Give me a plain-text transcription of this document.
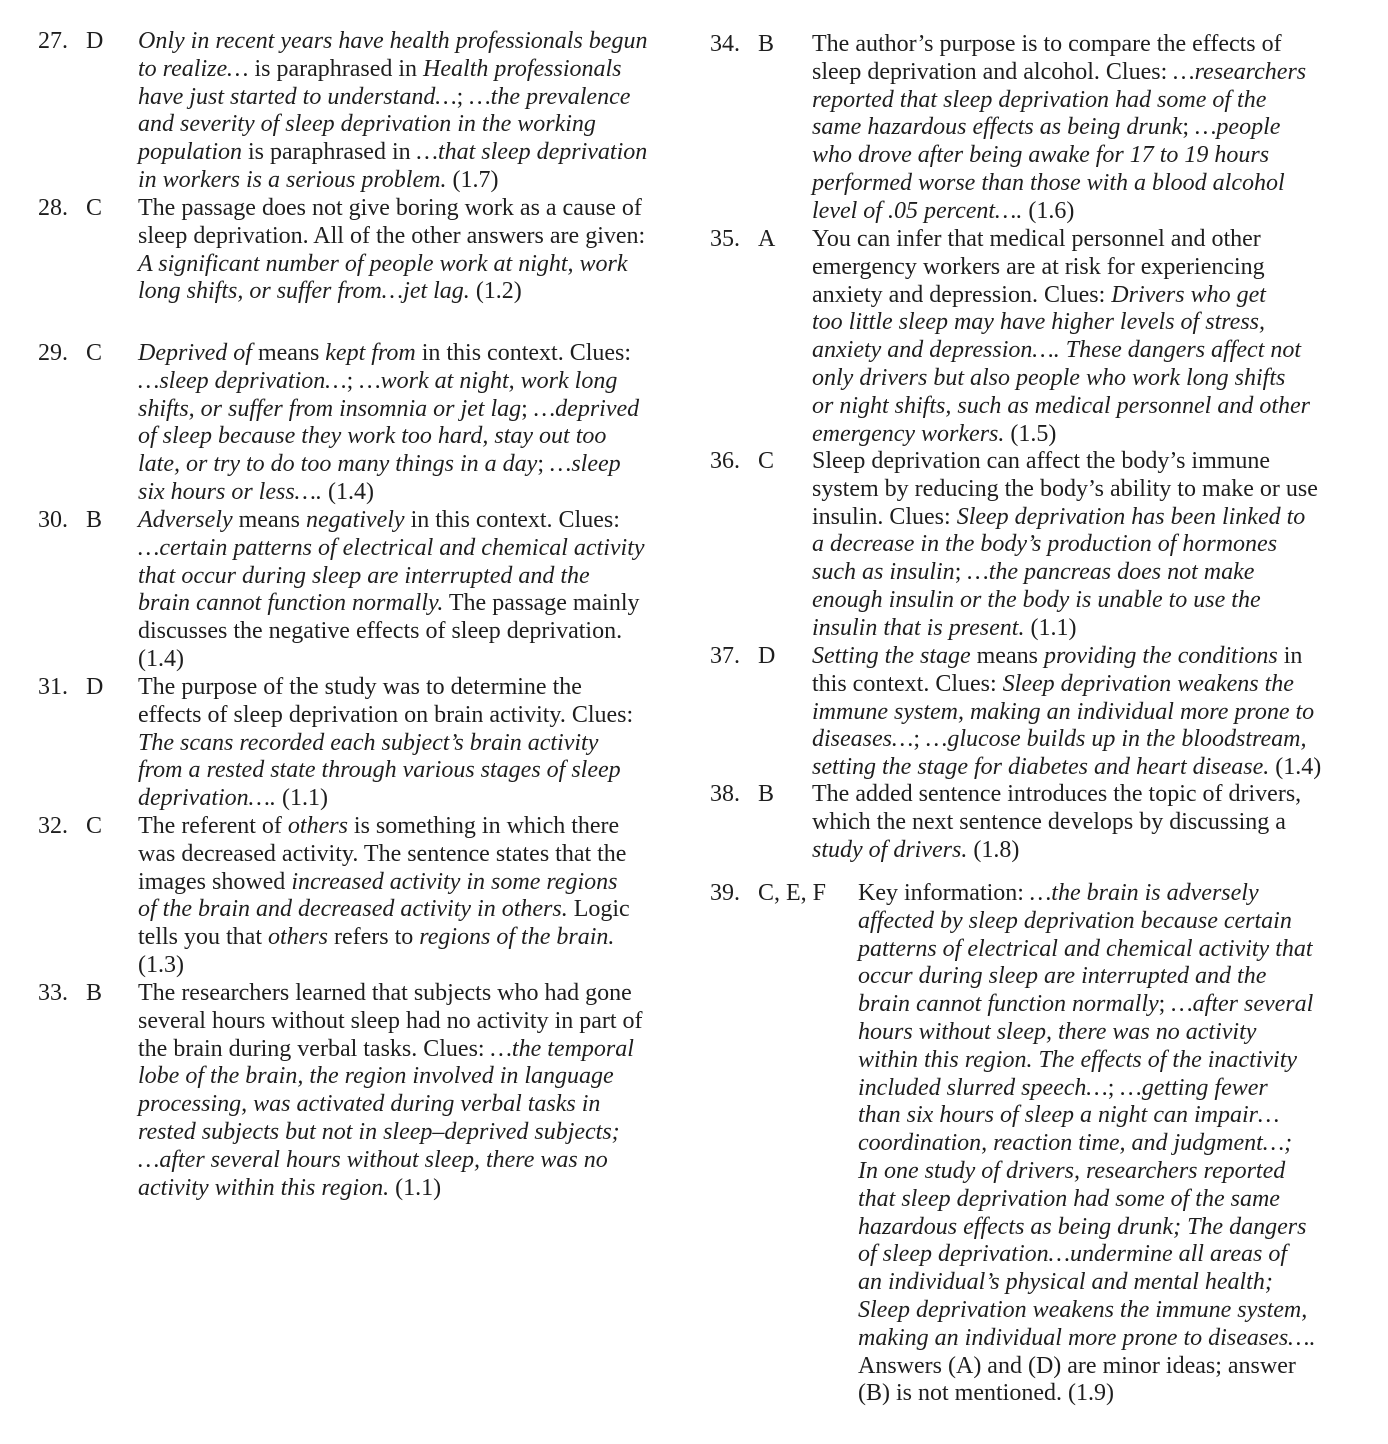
27. D Only in recent years have health professionals begun

to realize… is paraphrased in Health professionals

have just started to understand…; …the prevalence

and severity of sleep deprivation in the working

population is paraphrased in …that sleep deprivation

in workers is a serious problem. (1.7)

28. C The passage does not give boring work as a cause of

sleep deprivation. All of the other answers are given:

A significant number of people work at night, work

long shifts, or suffer from…jet lag. (1.2)

29. C Deprived of means kept from in this context. Clues:

…sleep deprivation…; …work at night, work long

shifts, or suffer from insomnia or jet lag; …deprived

of sleep because they work too hard, stay out too

late, or try to do too many things in a day; …sleep

six hours or less…. (1.4)

30. B Adversely means negatively in this context. Clues:

…certain patterns of electrical and chemical activity

that occur during sleep are interrupted and the

brain cannot function normally. The passage mainly

discusses the negative effects of sleep deprivation.

(1.4)

31. D The purpose of the study was to determine the

effects of sleep deprivation on brain activity. Clues:

The scans recorded each subject’s brain activity

from a rested state through various stages of sleep

deprivation…. (1.1)

32. C The referent of others is something in which there

was decreased activity. The sentence states that the

images showed increased activity in some regions

of the brain and decreased activity in others. Logic

tells you that others refers to regions of the brain.

(1.3)

33. B The researchers learned that subjects who had gone

several hours without sleep had no activity in part of

the brain during verbal tasks. Clues: …the temporal

lobe of the brain, the region involved in language

processing, was activated during verbal tasks in

rested subjects but not in sleep–deprived subjects;

…after several hours without sleep, there was no

activity within this region. (1.1)

34. B The author’s purpose is to compare the effects of

sleep deprivation and alcohol. Clues: …researchers

reported that sleep deprivation had some of the

same hazardous effects as being drunk; …people

who drove after being awake for 17 to 19 hours

performed worse than those with a blood alcohol

level of .05 percent…. (1.6)

35. A You can infer that medical personnel and other

emergency workers are at risk for experiencing

anxiety and depression. Clues: Drivers who get

too little sleep may have higher levels of stress,

anxiety and depression…. These dangers affect not

only drivers but also people who work long shifts

or night shifts, such as medical personnel and other

emergency workers. (1.5)

36. C Sleep deprivation can affect the body’s immune

system by reducing the body’s ability to make or use

insulin. Clues: Sleep deprivation has been linked to

a decrease in the body’s production of hormones

such as insulin; …the pancreas does not make

enough insulin or the body is unable to use the

insulin that is present. (1.1)

37. D Setting the stage means providing the conditions in

this context. Clues: Sleep deprivation weakens the

immune system, making an individual more prone to

diseases…; …glucose builds up in the bloodstream,

setting the stage for diabetes and heart disease. (1.4)

38. B The added sentence introduces the topic of drivers,

which the next sentence develops by discussing a

study of drivers. (1.8)

39. C, E, F Key information: …the brain is adversely

affected by sleep deprivation because certain

patterns of electrical and chemical activity that

occur during sleep are interrupted and the

brain cannot function normally; …after several

hours without sleep, there was no activity

within this region. The effects of the inactivity

included slurred speech…; …getting fewer

than six hours of sleep a night can impair…

coordination, reaction time, and judgment…;

In one study of drivers, researchers reported

that sleep deprivation had some of the same

hazardous effects as being drunk; The dangers

of sleep deprivation…undermine all areas of

an individual’s physical and mental health;

Sleep deprivation weakens the immune system,

making an individual more prone to diseases….

Answers (A) and (D) are minor ideas; answer

(B) is not mentioned. (1.9)
